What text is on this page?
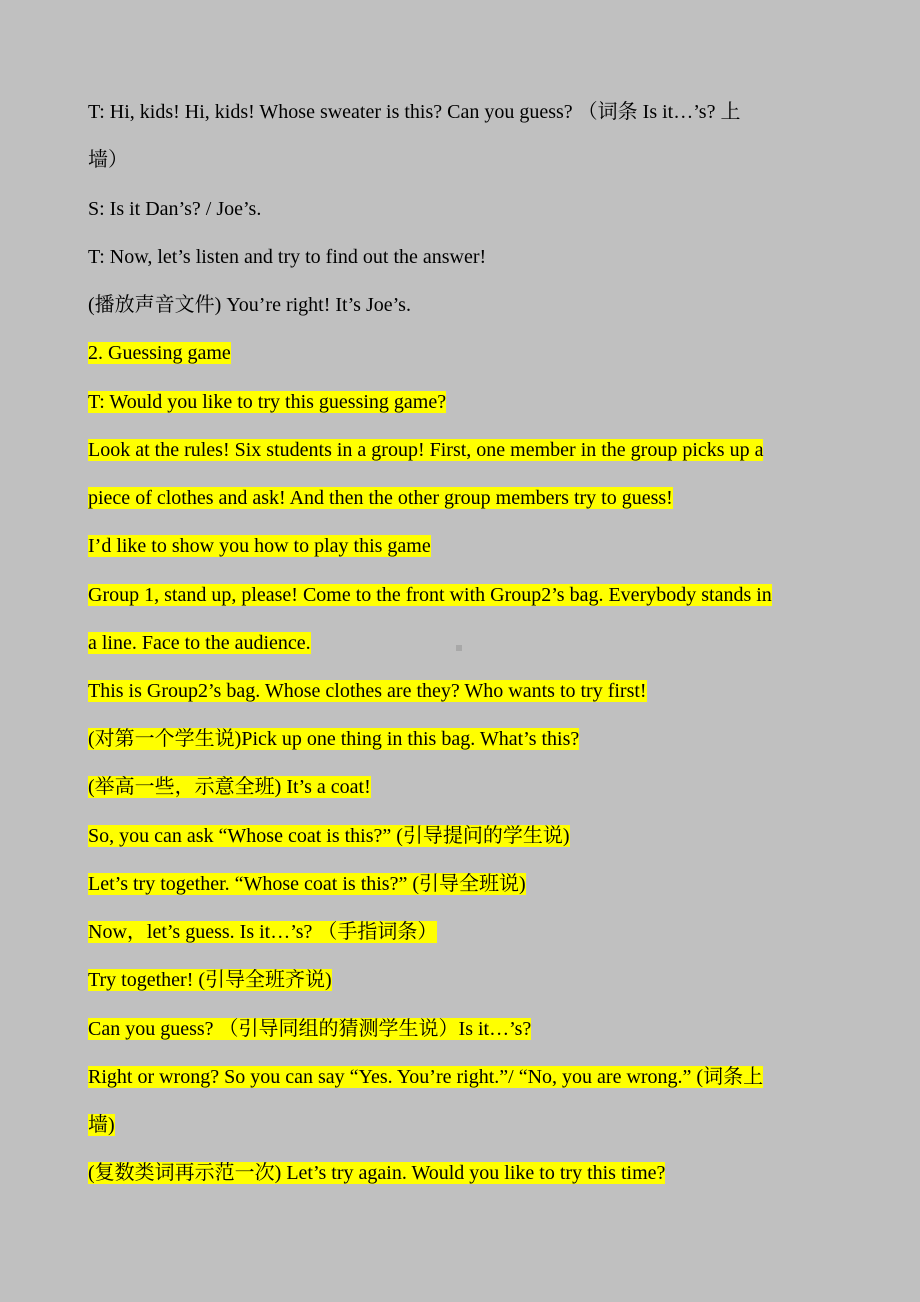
T: Hi, kids! Hi, kids! Whose sweater is this? Can you guess? （词条 Is it…’s? 上
墙）
S: Is it Dan’s? / Joe’s.
T: Now, let’s listen and try to find out the answer!
(播放声音文件) You’re right! It’s Joe’s.
2. Guessing game
T: Would you like to try this guessing game?
Look at the rules! Six students in a group! First, one member in the group picks up a
piece of clothes and ask! And then the other group members try to guess!
I’d like to show you how to play this game
Group 1, stand up, please! Come to the front with Group2’s bag. Everybody stands in
a line. Face to the audience.
This is Group2’s bag. Whose clothes are they? Who wants to try first!
(对第一个学生说)Pick up one thing in this bag. What’s this?
(举高一些，示意全班) It’s a coat!
So, you can ask “Whose coat is this?” (引导提问的学生说)
Let’s try together. “Whose coat is this?” (引导全班说)
Now，let’s guess. Is it…’s? （手指词条）
Try together! (引导全班齐说)
Can you guess? （引导同组的猜测学生说）Is it…’s?
Right or wrong? So you can say “Yes. You’re right.”/ “No, you are wrong.” (词条上
墙)
(复数类词再示范一次) Let’s try again. Would you like to try this time?
